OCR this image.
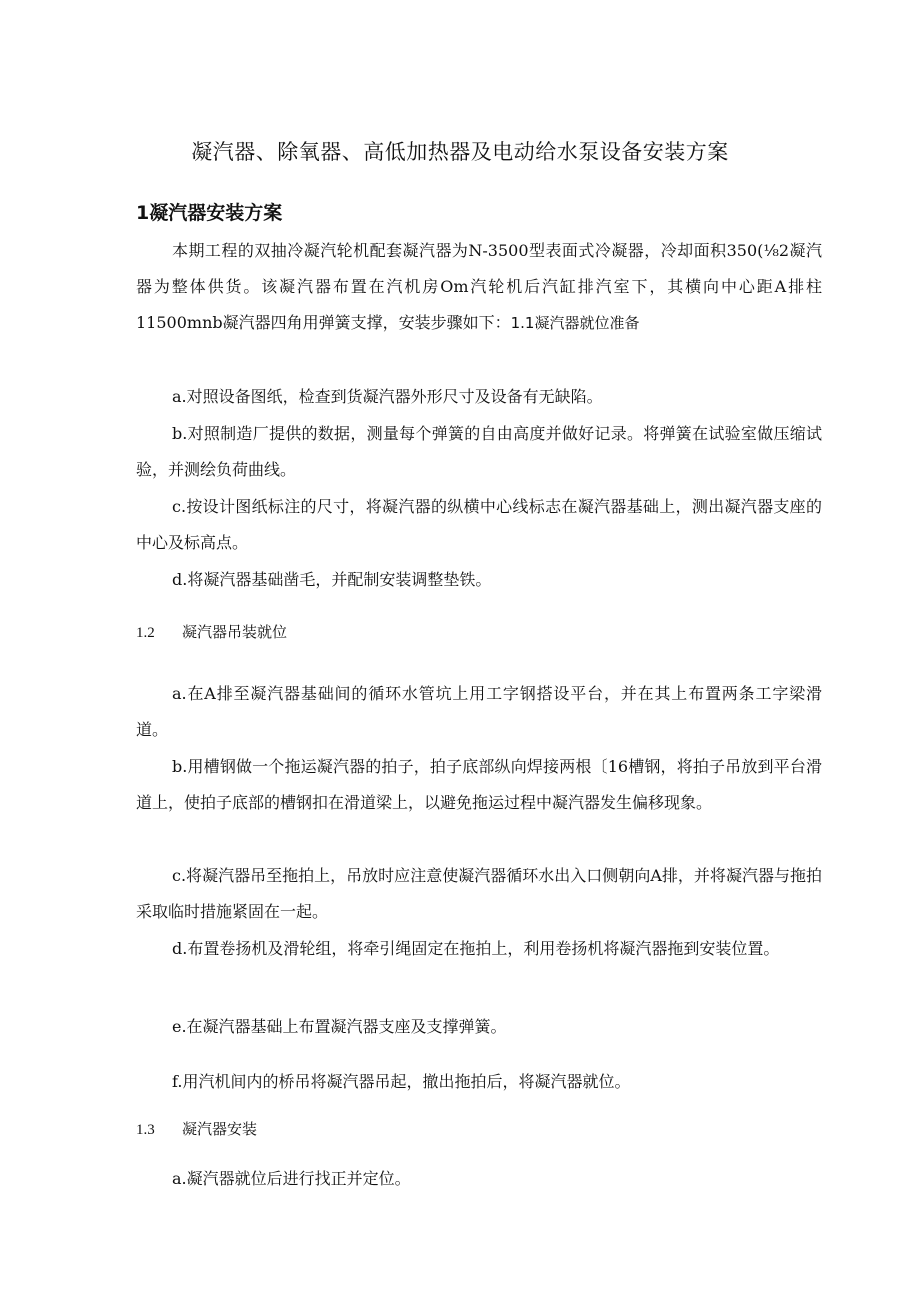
凝汽器、除氧器、高低加热器及电动给水泵设备安装方案
1凝汽器安装方案

本期工程的双抽冷凝汽轮机配套凝汽器为N-3500型表面式冷凝器，冷却面积350(⅛2凝汽器为整体供货。该凝汽器布置在汽机房Om汽轮机后汽缸排汽室下，其横向中心距A排柱11500mnb凝汽器四角用弹簧支撑，安装步骤如下：1.1凝汽器就位准备

a.对照设备图纸，检查到货凝汽器外形尺寸及设备有无缺陷。

b.对照制造厂提供的数据，测量每个弹簧的自由高度并做好记录。将弹簧在试验室做压缩试验，并测绘负荷曲线。

c.按设计图纸标注的尺寸，将凝汽器的纵横中心线标志在凝汽器基础上，测出凝汽器支座的中心及标高点。

d.将凝汽器基础凿毛，并配制安装调整垫铁。

1.2 凝汽器吊装就位

a.在A排至凝汽器基础间的循环水管坑上用工字钢搭设平台，并在其上布置两条工字梁滑道。

b.用槽钢做一个拖运凝汽器的拍子，拍子底部纵向焊接两根〔16槽钢，将拍子吊放到平台滑道上，使拍子底部的槽钢扣在滑道梁上，以避免拖运过程中凝汽器发生偏移现象。

c.将凝汽器吊至拖拍上，吊放时应注意使凝汽器循环水出入口侧朝向A排，并将凝汽器与拖拍采取临时措施紧固在一起。

d.布置卷扬机及滑轮组，将牵引绳固定在拖拍上，利用卷扬机将凝汽器拖到安装位置。

e.在凝汽器基础上布置凝汽器支座及支撑弹簧。

f.用汽机间内的桥吊将凝汽器吊起，撤出拖拍后，将凝汽器就位。

1.3 凝汽器安装

a.凝汽器就位后进行找正并定位。
